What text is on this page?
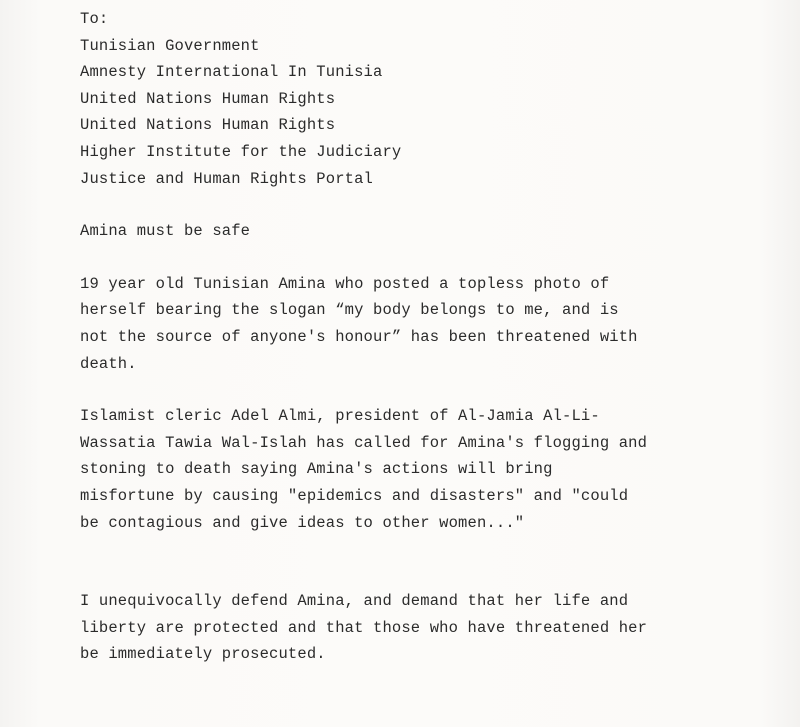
To:
Tunisian Government
Amnesty International In Tunisia
United Nations Human Rights
United Nations Human Rights
Higher Institute for the Judiciary
Justice and Human Rights Portal
Amina must be safe
19 year old Tunisian Amina who posted a topless photo of
herself bearing the slogan “my body belongs to me, and is
not the source of anyone's honour” has been threatened with
death.
Islamist cleric Adel Almi, president of Al-Jamia Al-Li-
Wassatia Tawia Wal-Islah has called for Amina's flogging and
stoning to death saying Amina's actions will bring
misfortune by causing "epidemics and disasters" and "could
be contagious and give ideas to other women..."
I unequivocally defend Amina, and demand that her life and
liberty are protected and that those who have threatened her
be immediately prosecuted.
